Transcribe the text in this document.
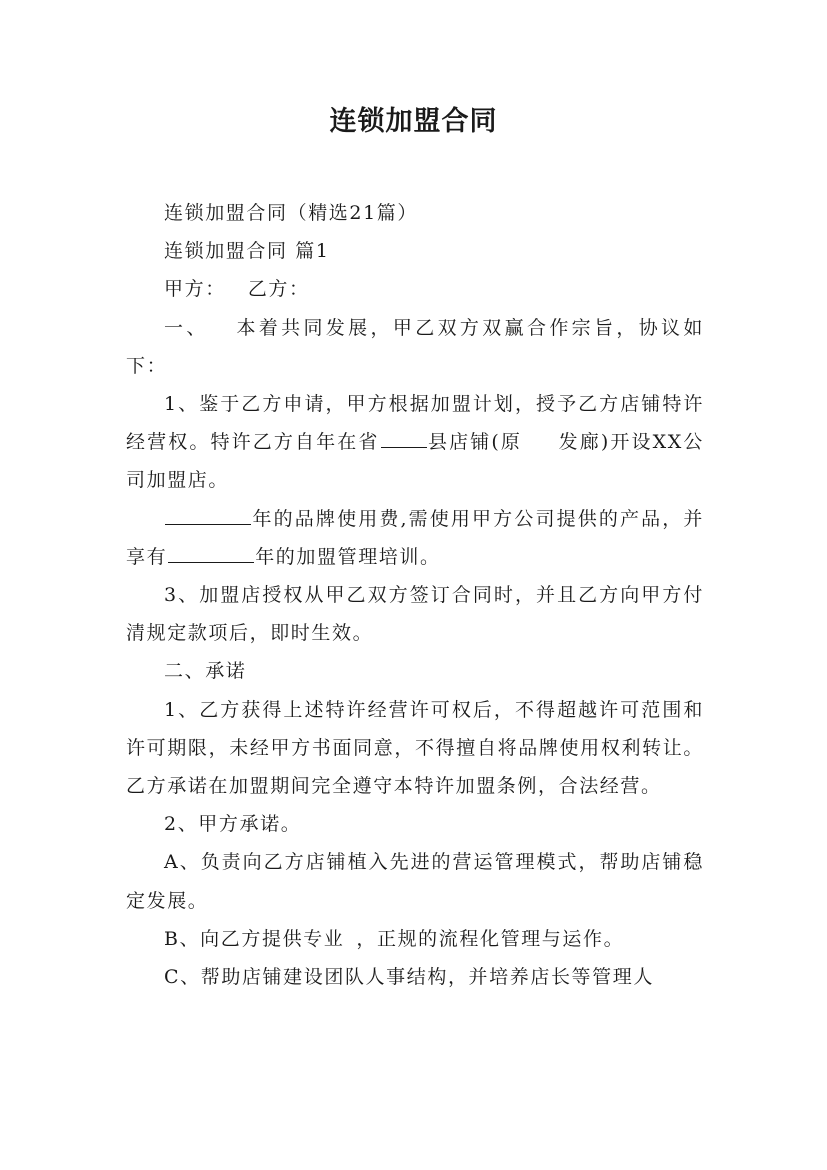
连锁加盟合同

连锁加盟合同（精选21篇）

连锁加盟合同 篇1

甲方： 乙方：

一、 本着共同发展，甲乙双方双赢合作宗旨，协议如下：

1、鉴于乙方申请，甲方根据加盟计划，授予乙方店铺特许经营权。特许乙方自年在省	县店铺(原 发廊)开设XX公司加盟店。

年的品牌使用费,需使用甲方公司提供的产品，并享有	年的加盟管理培训。

3、加盟店授权从甲乙双方签订合同时，并且乙方向甲方付清规定款项后，即时生效。

二、承诺

1、乙方获得上述特许经营许可权后，不得超越许可范围和许可期限，未经甲方书面同意，不得擅自将品牌使用权利转让。乙方承诺在加盟期间完全遵守本特许加盟条例，合法经营。

2、甲方承诺。

A、负责向乙方店铺植入先进的营运管理模式，帮助店铺稳定发展。

B、向乙方提供专业 ，正规的流程化管理与运作。

C、帮助店铺建设团队人事结构，并培养店长等管理人
